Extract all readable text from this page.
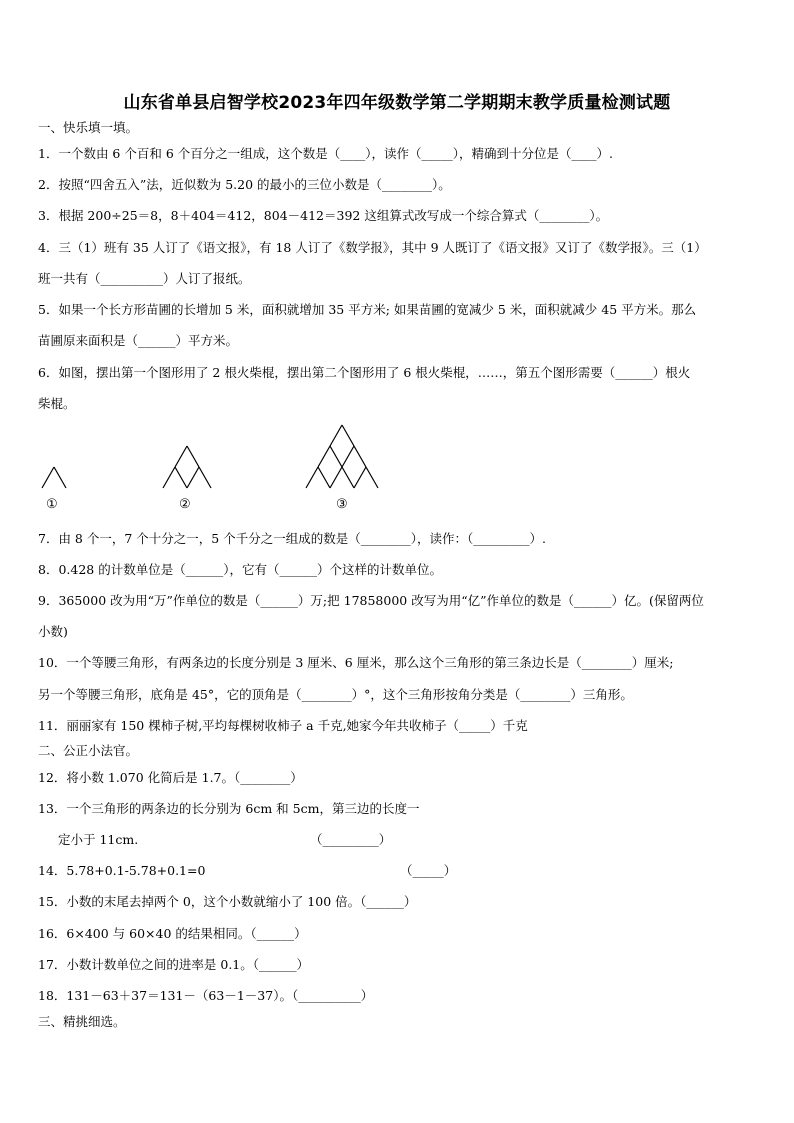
山东省单县启智学校2023年四年级数学第二学期期末教学质量检测试题
一、快乐填一填。
1．一个数由 6 个百和 6 个百分之一组成，这个数是（____），读作（_____），精确到十分位是（____）.
2．按照“四舍五入”法，近似数为 5.20 的最小的三位小数是（________）。
3．根据 200÷25＝8，8＋404＝412，804－412＝392 这组算式改写成一个综合算式（________）。
4．三（1）班有 35 人订了《语文报》，有 18 人订了《数学报》，其中 9 人既订了《语文报》又订了《数学报》。三（1）
班一共有（__________）人订了报纸。
5．如果一个长方形苗圃的长增加 5 米，面积就增加 35 平方米; 如果苗圃的宽减少 5 米，面积就减少 45 平方米。那么
苗圃原来面积是（______）平方米。
6．如图，摆出第一个图形用了 2 根火柴棍，摆出第二个图形用了 6 根火柴棍，……，第五个图形需要（______）根火
柴棍。
①	②	③
7．由 8 个一，7 个十分之一，5 个千分之一组成的数是（________），读作：（_________）.
8．0.428 的计数单位是（______），它有（______）个这样的计数单位。
9．365000 改为用“万”作单位的数是（______）万;把 17858000 改写为用“亿”作单位的数是（______）亿。(保留两位
小数)
10．一个等腰三角形，有两条边的长度分别是 3 厘米、6 厘米，那么这个三角形的第三条边长是（________）厘米;
另一个等腰三角形，底角是 45°，它的顶角是（________）°，这个三角形按角分类是（________）三角形。
11．丽丽家有 150 棵柿子树,平均每棵树收柿子 a 千克,她家今年共收柿子（_____）千克
二、公正小法官。
12．将小数 1.070 化简后是 1.7。（________）
13．一个三角形的两条边的长分别为 6cm 和 5cm，第三边的长度一
定小于 11cm.	（_________）
14．5.78+0.1-5.78+0.1=0	（_____）
15．小数的末尾去掉两个 0，这个小数就缩小了 100 倍。（______）
16．6×400 与 60×40 的结果相同。（______）
17．小数计数单位之间的进率是 0.1。（______）
18．131－63＋37＝131－（63－1－37）。（__________）
三、精挑细选。
